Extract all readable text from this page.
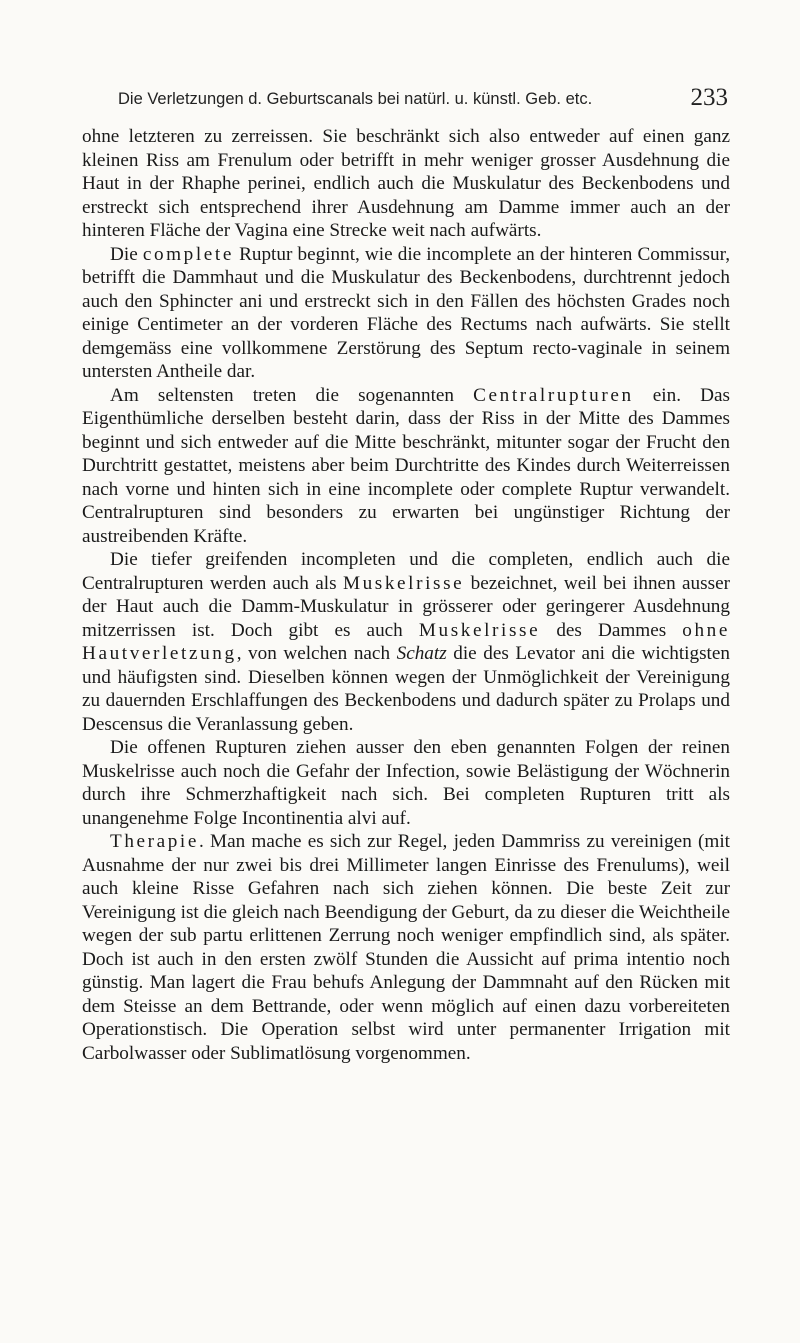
Die Verletzungen d. Geburtscanals bei natürl. u. künstl. Geb. etc.	233

ohne letzteren zu zerreissen. Sie beschränkt sich also entweder auf einen ganz kleinen Riss am Frenulum oder betrifft in mehr weniger grosser Ausdehnung die Haut in der Rhaphe perinei, endlich auch die Muskulatur des Beckenbodens und erstreckt sich entsprechend ihrer Ausdehnung am Damme immer auch an der hinteren Fläche der Vagina eine Strecke weit nach aufwärts.

Die complete Ruptur beginnt, wie die incomplete an der hinteren Commissur, betrifft die Dammhaut und die Muskulatur des Beckenbodens, durchtrennt jedoch auch den Sphincter ani und erstreckt sich in den Fällen des höchsten Grades noch einige Centimeter an der vorderen Fläche des Rectums nach aufwärts. Sie stellt demgemäss eine vollkommene Zerstörung des Septum recto-vaginale in seinem untersten Antheile dar.

Am seltensten treten die sogenannten Centralrupturen ein. Das Eigenthümliche derselben besteht darin, dass der Riss in der Mitte des Dammes beginnt und sich entweder auf die Mitte beschränkt, mitunter sogar der Frucht den Durchtritt gestattet, meistens aber beim Durchtritte des Kindes durch Weiterreissen nach vorne und hinten sich in eine incomplete oder complete Ruptur verwandelt. Centralrupturen sind besonders zu erwarten bei ungünstiger Richtung der austreibenden Kräfte.

Die tiefer greifenden incompleten und die completen, endlich auch die Centralrupturen werden auch als Muskelrisse bezeichnet, weil bei ihnen ausser der Haut auch die Damm-Muskulatur in grösserer oder geringerer Ausdehnung mitzerrissen ist. Doch gibt es auch Muskelrisse des Dammes ohne Hautverletzung, von welchen nach Schatz die des Levator ani die wichtigsten und häufigsten sind. Dieselben können wegen der Unmöglichkeit der Vereinigung zu dauernden Erschlaffungen des Beckenbodens und dadurch später zu Prolaps und Descensus die Veranlassung geben.

Die offenen Rupturen ziehen ausser den eben genannten Folgen der reinen Muskelrisse auch noch die Gefahr der Infection, sowie Belästigung der Wöchnerin durch ihre Schmerzhaftigkeit nach sich. Bei completen Rupturen tritt als unangenehme Folge Incontinentia alvi auf.

Therapie. Man mache es sich zur Regel, jeden Dammriss zu vereinigen (mit Ausnahme der nur zwei bis drei Millimeter langen Einrisse des Frenulums), weil auch kleine Risse Gefahren nach sich ziehen können. Die beste Zeit zur Vereinigung ist die gleich nach Beendigung der Geburt, da zu dieser die Weichtheile wegen der sub partu erlittenen Zerrung noch weniger empfindlich sind, als später. Doch ist auch in den ersten zwölf Stunden die Aussicht auf prima intentio noch günstig. Man lagert die Frau behufs Anlegung der Dammnaht auf den Rücken mit dem Steisse an dem Bettrande, oder wenn möglich auf einen dazu vorbereiteten Operationstisch. Die Operation selbst wird unter permanenter Irrigation mit Carbolwasser oder Sublimatlösung vorgenommen.
